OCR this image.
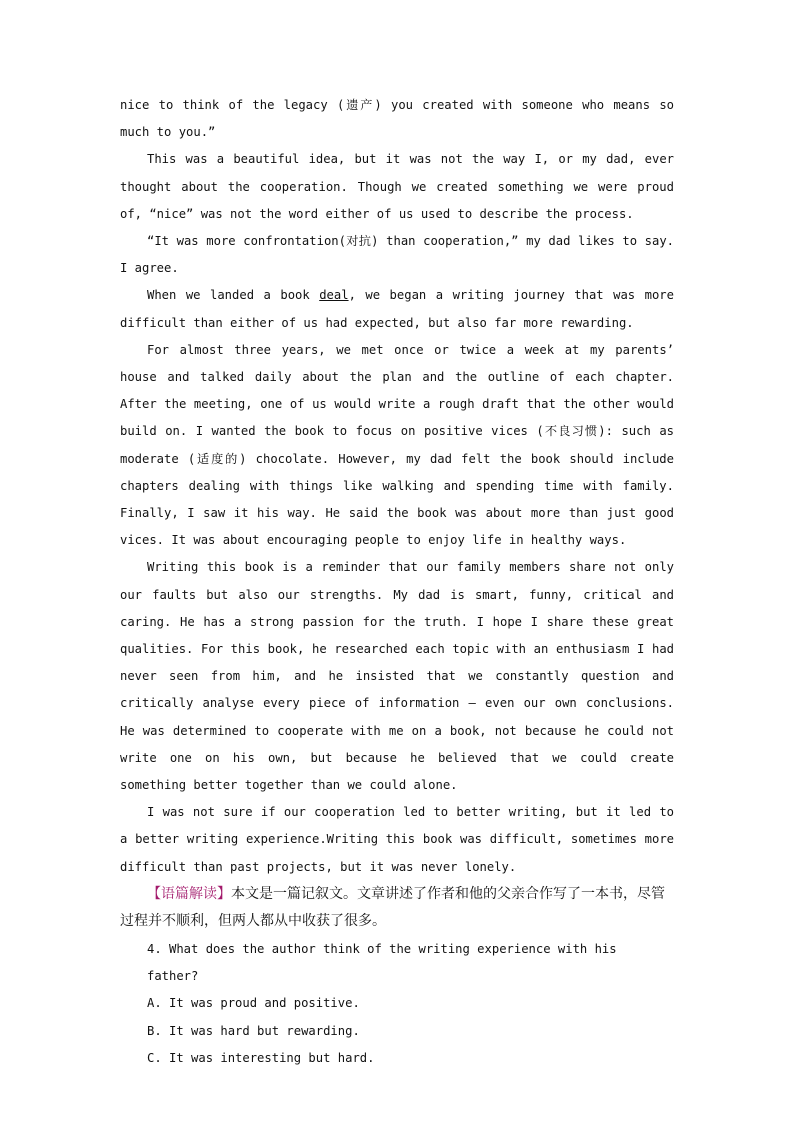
nice to think of the legacy (遗产) you created with someone who means so much to you.”

This was a beautiful idea, but it was not the way I, or my dad, ever thought about the cooperation. Though we created something we were proud of, “nice” was not the word either of us used to describe the process.

“It was more confrontation(对抗) than cooperation,” my dad likes to say. I agree.

When we landed a book deal, we began a writing journey that was more difficult than either of us had expected, but also far more rewarding.

For almost three years, we met once or twice a week at my parents’ house and talked daily about the plan and the outline of each chapter. After the meeting, one of us would write a rough draft that the other would build on. I wanted the book to focus on positive vices (不良习惯): such as moderate (适度的) chocolate. However, my dad felt the book should include chapters dealing with things like walking and spending time with family. Finally, I saw it his way. He said the book was about more than just good vices. It was about encouraging people to enjoy life in healthy ways.

Writing this book is a reminder that our family members share not only our faults but also our strengths. My dad is smart, funny, critical and caring. He has a strong passion for the truth. I hope I share these great qualities. For this book, he researched each topic with an enthusiasm I had never seen from him, and he insisted that we constantly question and critically analyse every piece of information — even our own conclusions. He was determined to cooperate with me on a book, not because he could not write one on his own, but because he believed that we could create something better together than we could alone.

I was not sure if our cooperation led to better writing, but it led to a better writing experience.Writing this book was difficult, sometimes more difficult than past projects, but it was never lonely.

【语篇解读】本文是一篇记叙文。文章讲述了作者和他的父亲合作写了一本书，尽管过程并不顺利，但两人都从中收获了很多。

4. What does the author think of the writing experience with his father?

A. It was proud and positive.

B. It was hard but rewarding.

C. It was interesting but hard.
